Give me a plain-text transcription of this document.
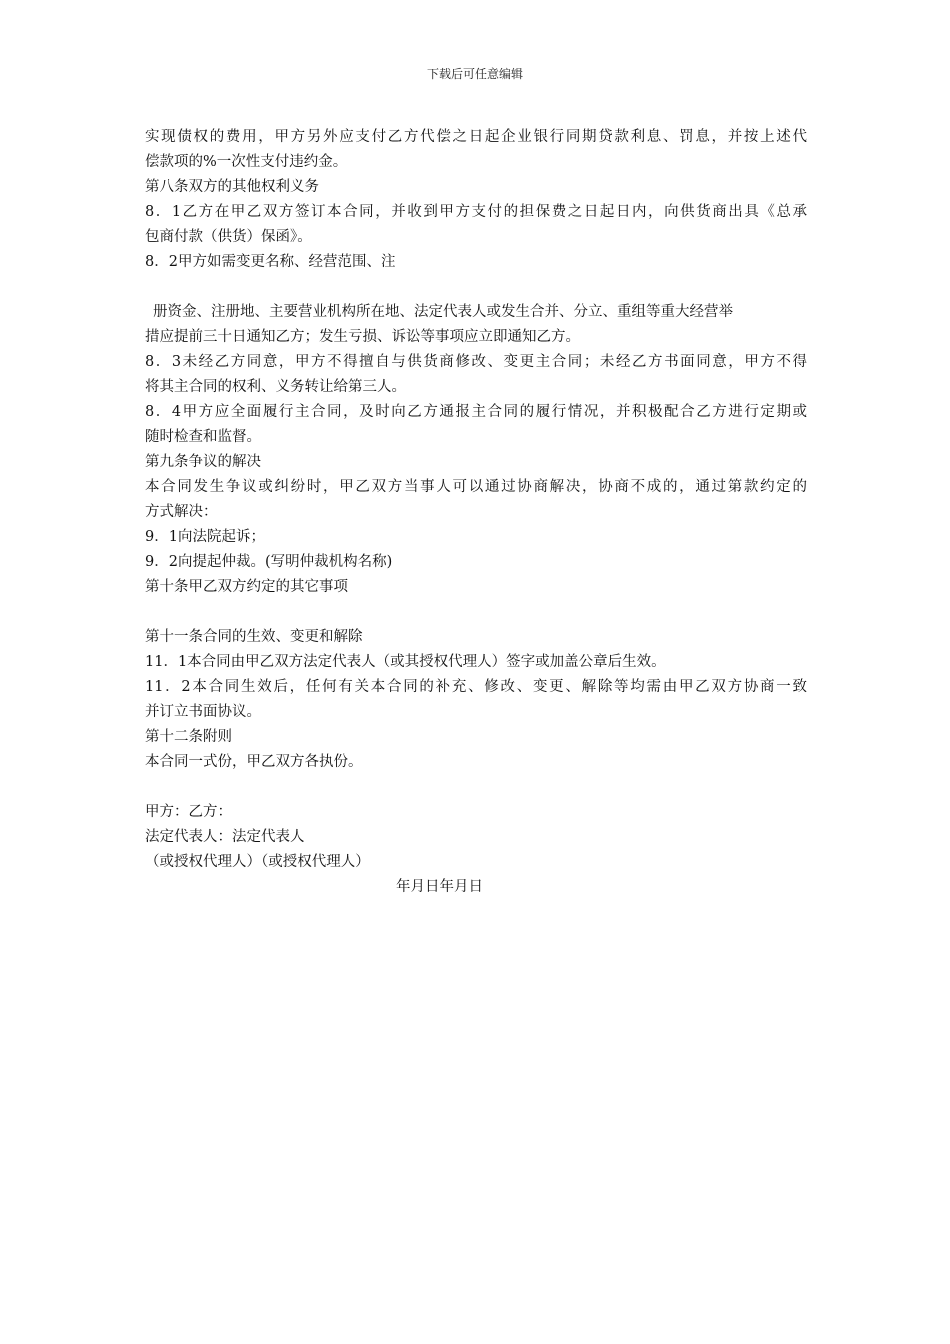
下载后可任意编辑
实现债权的费用，甲方另外应支付乙方代偿之日起企业银行同期贷款利息、罚息，并按上述代
偿款项的%一次性支付违约金。
第八条双方的其他权利义务
8．1乙方在甲乙双方签订本合同，并收到甲方支付的担保费之日起日内，向供货商出具《总承
包商付款（供货）保函》。
8．2甲方如需变更名称、经营范围、注
册资金、注册地、主要营业机构所在地、法定代表人或发生合并、分立、重组等重大经营举
措应提前三十日通知乙方；发生亏损、诉讼等事项应立即通知乙方。
8．3未经乙方同意，甲方不得擅自与供货商修改、变更主合同；未经乙方书面同意，甲方不得
将其主合同的权利、义务转让给第三人。
8．4甲方应全面履行主合同，及时向乙方通报主合同的履行情况，并积极配合乙方进行定期或
随时检查和监督。
第九条争议的解决
本合同发生争议或纠纷时，甲乙双方当事人可以通过协商解决，协商不成的，通过第款约定的
方式解决：
9．1向法院起诉；
9．2向提起仲裁。(写明仲裁机构名称)
第十条甲乙双方约定的其它事项
第十一条合同的生效、变更和解除
11．1本合同由甲乙双方法定代表人（或其授权代理人）签字或加盖公章后生效。
11．2本合同生效后，任何有关本合同的补充、修改、变更、解除等均需由甲乙双方协商一致
并订立书面协议。
第十二条附则
本合同一式份，甲乙双方各执份。
甲方：乙方：
法定代表人：法定代表人
（或授权代理人）（或授权代理人）
年月日年月日
